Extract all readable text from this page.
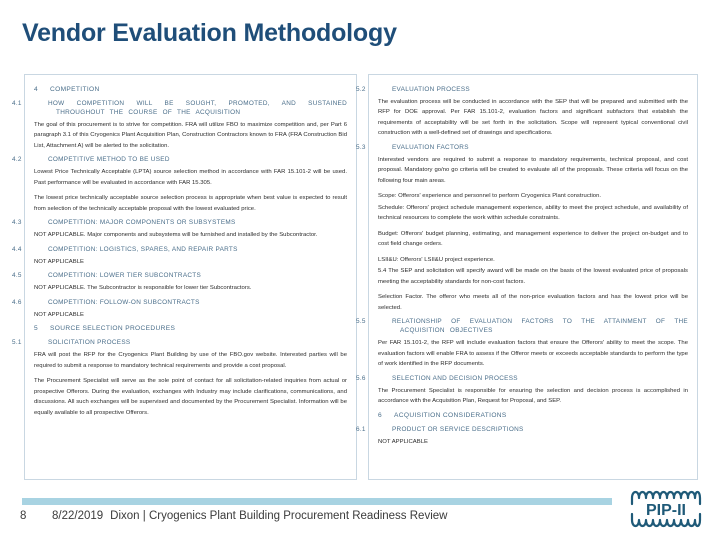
Vendor Evaluation Methodology
4 COMPETITION
4.1	HOW COMPETITION WILL BE SOUGHT, PROMOTED, AND SUSTAINED THROUGHOUT THE COURSE OF THE ACQUISITION
The goal of this procurement is to strive for competition. FRA will utilize FBO to maximize competition and, per Part 6 paragraph 3.1 of this Cryogenics Plant Acquisition Plan, Construction Contractors known to FRA (FRA Construction Bid List, Attachment A) will be alerted to the solicitation.
4.2	COMPETITIVE METHOD TO BE USED
Lowest Price Technically Acceptable (LPTA) source selection method in accordance with FAR 15.101-2 will be used. Past performance will be evaluated in accordance with FAR 15.305.
The lowest price technically acceptable source selection process is appropriate when best value is expected to result from selection of the technically acceptable proposal with the lowest evaluated price.
4.3	COMPETITION: MAJOR COMPONENTS OR SUBSYSTEMS
NOT APPLICABLE. Major components and subsystems will be furnished and installed by the Subcontractor.
4.4	COMPETITION: LOGISTICS, SPARES, AND REPAIR PARTS
NOT APPLICABLE
4.5	COMPETITION: LOWER TIER SUBCONTRACTS
NOT APPLICABLE. The Subcontractor is responsible for lower tier Subcontractors.
4.6	COMPETITION: FOLLOW-ON SUBCONTRACTS
NOT APPLICABLE
5 SOURCE SELECTION PROCEDURES
5.1	SOLICITATION PROCESS
FRA will post the RFP for the Cryogenics Plant Building by use of the FBO.gov website. Interested parties will be required to submit a response to mandatory technical requirements and provide a cost proposal.
The Procurement Specialist will serve as the sole point of contact for all solicitation-related inquiries from actual or prospective Offerors. During the evaluation, exchanges with Industry may include clarifications, communications, and discussions. All such exchanges will be supervised and documented by the Procurement Specialist. Information will be equally available to all prospective Offerors.
5.2	EVALUATION PROCESS
The evaluation process will be conducted in accordance with the SEP that will be prepared and submitted with the RFP for DOE approval. Per FAR 15.101-2, evaluation factors and significant subfactors that establish the requirements of acceptability will be set forth in the solicitation. Scope will represent typical conventional civil construction with a well-defined set of drawings and specifications.
5.3	EVALUATION FACTORS
Interested vendors are required to submit a response to mandatory requirements, technical proposal, and cost proposal. Mandatory go/no go criteria will be created to evaluate all of the proposals. These criteria will focus on the following four main areas.
Scope: Offerors' experience and personnel to perform Cryogenics Plant construction.
Schedule: Offerors' project schedule management experience, ability to meet the project schedule, and availability of technical resources to complete the work within schedule constraints.
Budget: Offerors' budget planning, estimating, and management experience to deliver the project on-budget and to cost field change orders.
LSII&U: Offerors' LSII&U project experience.
5.4 The SEP and solicitation will specify award will be made on the basis of the lowest evaluated price of proposals meeting the acceptability standards for non-cost factors.
Selection Factor. The offeror who meets all of the non-price evaluation factors and has the lowest price will be selected.
5.5	RELATIONSHIP OF EVALUATION FACTORS TO THE ATTAINMENT OF THE ACQUISITION OBJECTIVES
Per FAR 15.101-2, the RFP will include evaluation factors that ensure the Offerors' ability to meet the scope. The evaluation factors will enable FRA to assess if the Offeror meets or exceeds acceptable standards to perform the type of work identified in the RFP documents.
5.6	SELECTION AND DECISION PROCESS
The Procurement Specialist is responsible for ensuring the selection and decision process is accomplished in accordance with the Acquisition Plan, Request for Proposal, and SEP.
6 ACQUISITION CONSIDERATIONS
6.1	PRODUCT OR SERVICE DESCRIPTIONS
NOT APPLICABLE
8 8/22/2019 Dixon | Cryogenics Plant Building Procurement Readiness Review	PIP-II
